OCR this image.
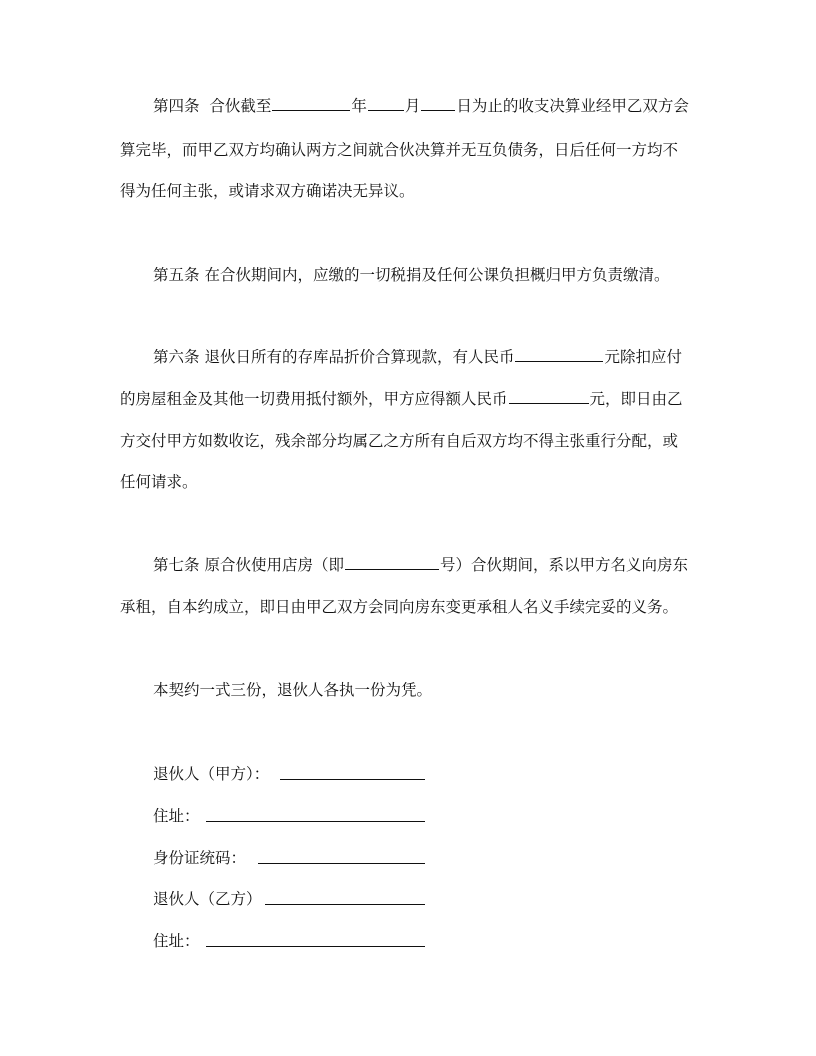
第四条 合伙截至	年 月 日为止的收支决算业经甲乙双方会
算完毕，而甲乙双方均确认两方之间就合伙决算并无互负债务，日后任何一方均不
得为任何主张，或请求双方确诺决无异议。
第五条 在合伙期间内，应缴的一切税捐及任何公课负担概归甲方负责缴清。
第六条 退伙日所有的存库品折价合算现款，有人民币	元除扣应付
的房屋租金及其他一切费用抵付额外，甲方应得额人民币	元，即日由乙
方交付甲方如数收讫，残余部分均属乙之方所有自后双方均不得主张重行分配，或
任何请求。
第七条 原合伙使用店房（即	号）合伙期间，系以甲方名义向房东
承租，自本约成立，即日由甲乙双方会同向房东变更承租人名义手续完妥的义务。
本契约一式三份，退伙人各执一份为凭。
退伙人（甲方）：
住址：
身份证统码：
退伙人（乙方）
住址：
